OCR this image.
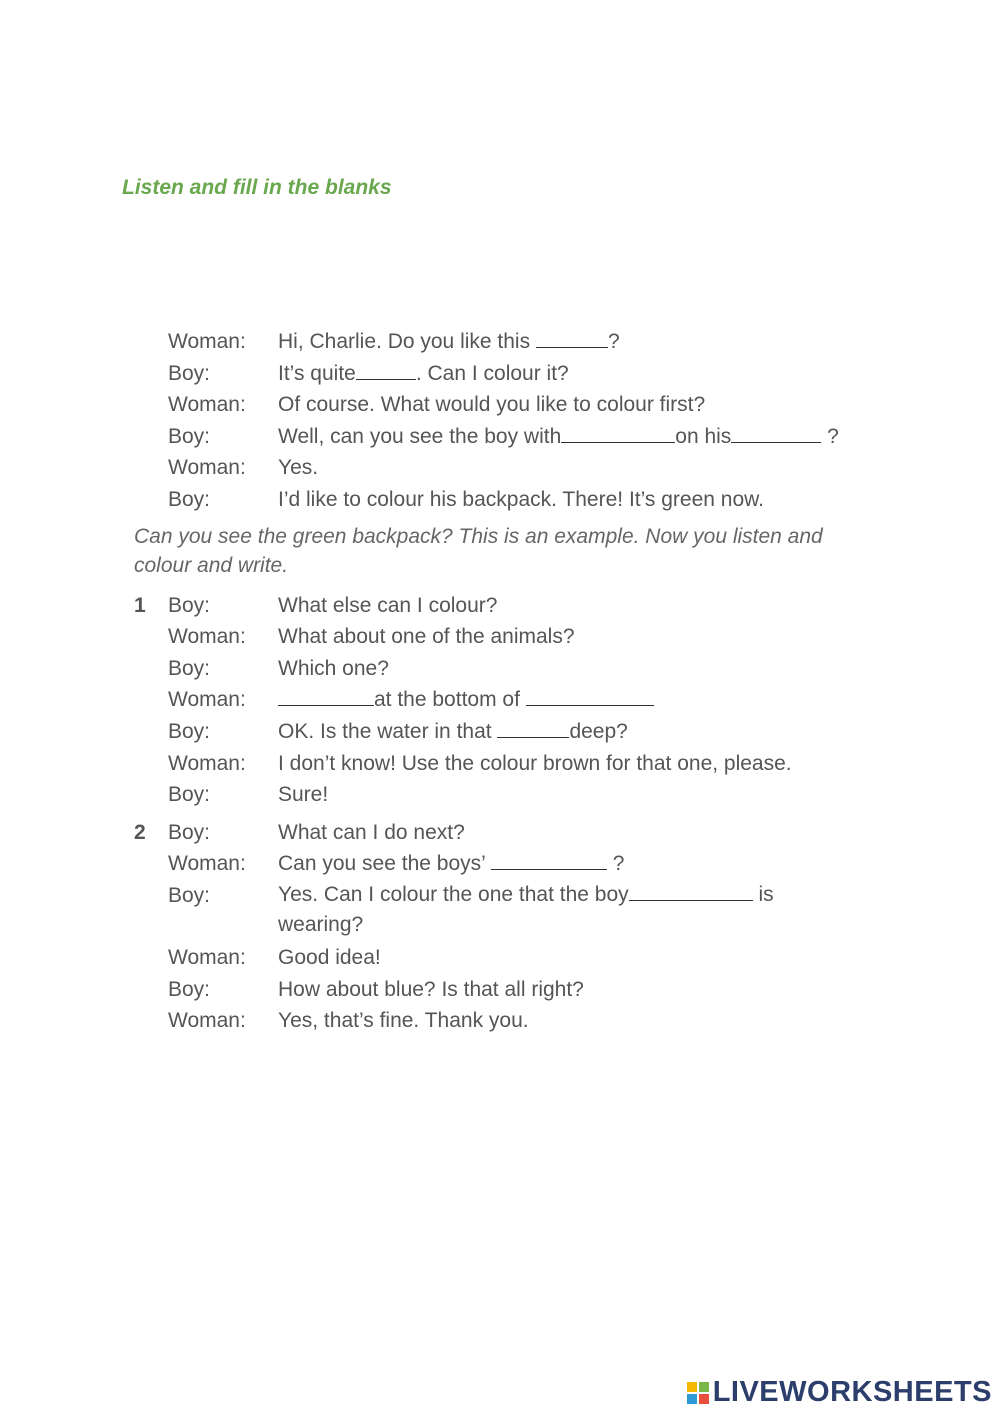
Listen and fill in the blanks
Woman: Hi, Charlie. Do you like this	?
Boy:	It’s quite	. Can I colour it?
Woman: Of course. What would you like to colour first?
Boy:	Well, can you see the boy with	on his	?
Woman: Yes.
Boy:	I’d like to colour his backpack. There! It’s green now.
Can you see the green backpack? This is an example. Now you listen and colour and write.
1 Boy:	What else can I colour?
Woman: What about one of the animals?
Boy:	Which one?
Woman:	at the bottom of
Boy:	OK. Is the water in that	deep?
Woman: I don’t know! Use the colour brown for that one, please.
Boy:	Sure!
2 Boy:	What can I do next?
Woman: Can you see the boys’	?
Boy:	Yes. Can I colour the one that the boy	is wearing?
Woman: Good idea!
Boy:	How about blue? Is that all right?
Woman: Yes, that’s fine. Thank you.
LIVEWORKSHEETS
